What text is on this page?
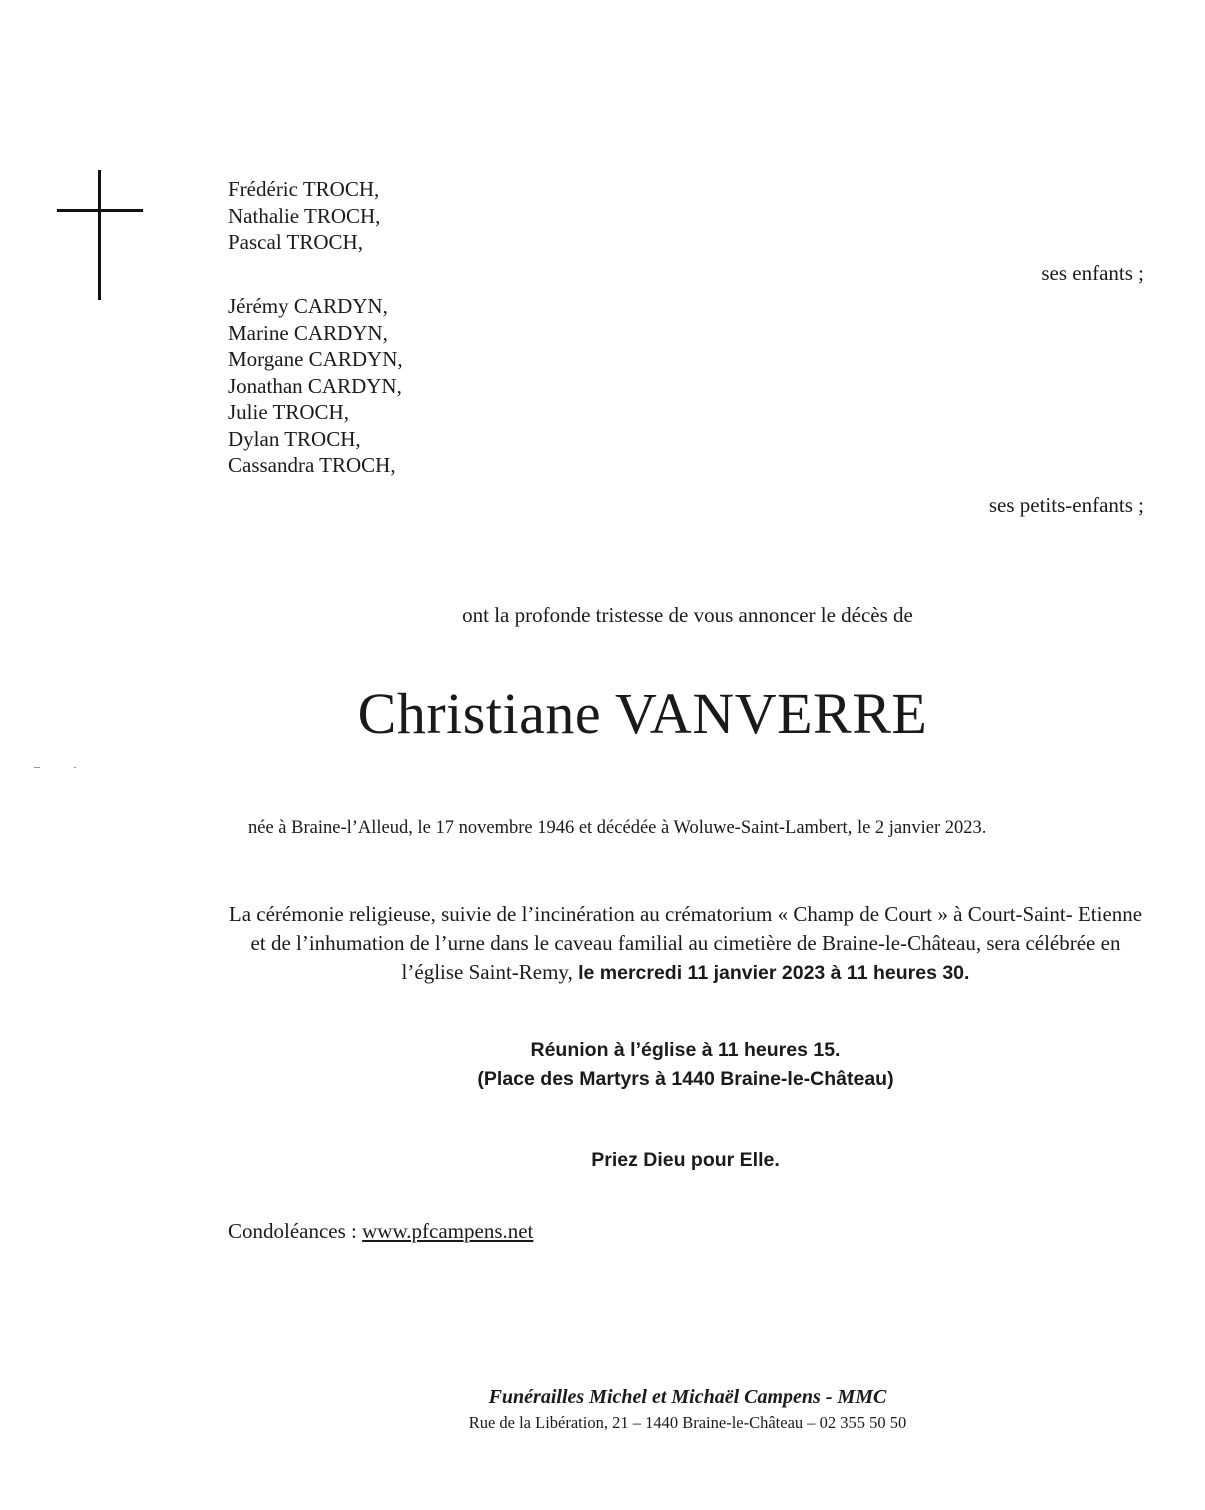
Frédéric TROCH,
Nathalie TROCH,
Pascal TROCH,
ses enfants ;
Jérémy CARDYN,
Marine CARDYN,
Morgane CARDYN,
Jonathan CARDYN,
Julie TROCH,
Dylan TROCH,
Cassandra TROCH,
ses petits-enfants ;
ont la profonde tristesse de vous annoncer le décès de
Christiane VANVERRE
née à Braine-l’Alleud, le 17 novembre 1946 et décédée à Woluwe-Saint-Lambert, le 2 janvier 2023.
La cérémonie religieuse, suivie de l’incinération au crématorium « Champ de Court » à Court-Saint- Etienne et de l’inhumation de l’urne dans le caveau familial au cimetière de Braine-le-Château, sera célébrée en l’église Saint-Remy, le mercredi 11 janvier 2023 à 11 heures 30.
Réunion à l’église à 11 heures 15.
(Place des Martyrs à 1440 Braine-le-Château)
Priez Dieu pour Elle.
Condoléances : www.pfcampens.net
Funérailles Michel et Michaël Campens - MMC
Rue de la Libération, 21 – 1440 Braine-le-Château – 02 355 50 50
